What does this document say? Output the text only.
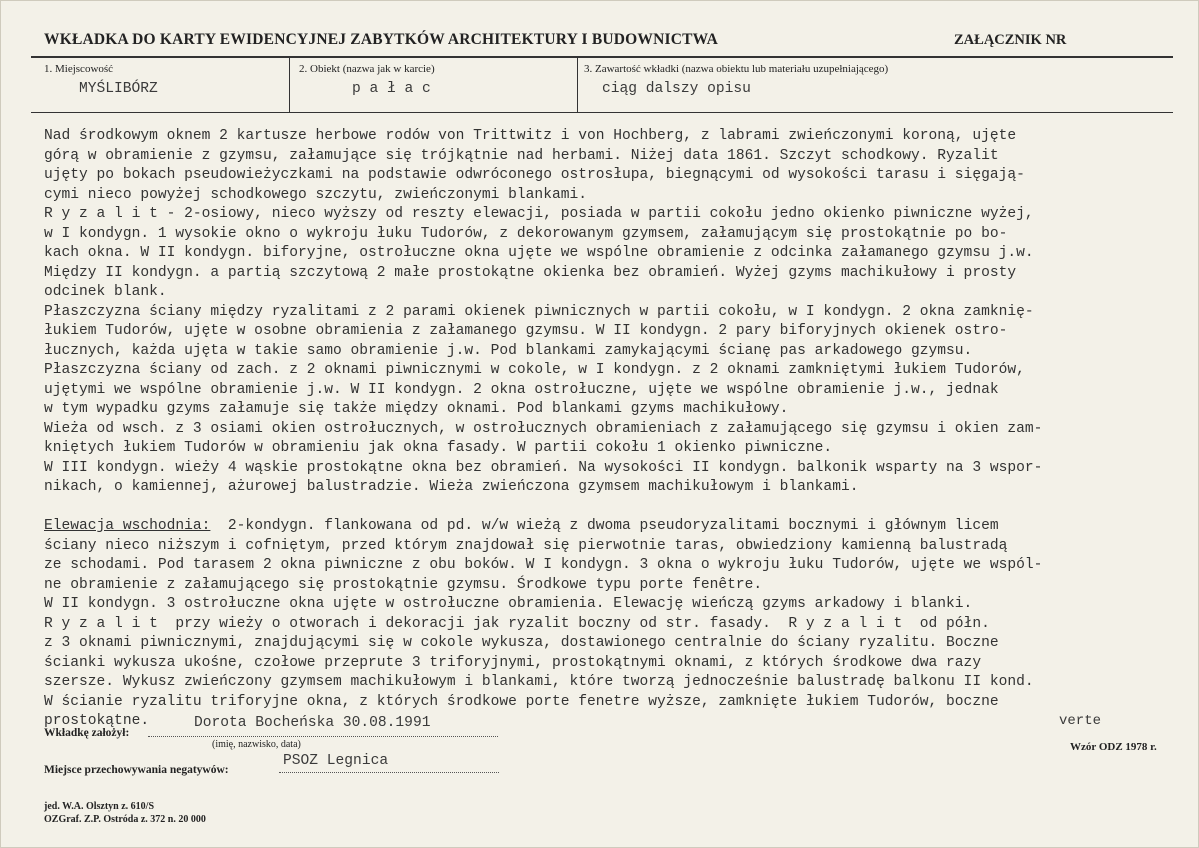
WKŁADKA DO KARTY EWIDENCYJNEJ ZABYTKÓW ARCHITEKTURY I BUDOWNICTWA	ZAŁĄCZNIK NR
1. Miejscowość
MYŚLIBÓRZ
2. Obiekt (nazwa jak w karcie)
p a ł a c
3. Zawartość wkładki (nazwa obiektu lub materiału uzupełniającego)
ciąg dalszy opisu
Nad środkowym oknem 2 kartusze herbowe rodów von Trittwitz i von Hochberg, z labrami zwieńczonymi koroną, ujęte
górą w obramienie z gzymsu, załamujące się trójkątnie nad herbami. Niżej data 1861. Szczyt schodkowy. Ryzalit
ujęty po bokach pseudowieżyczkami na podstawie odwróconego ostrosłupa, biegnącymi od wysokości tarasu i sięgają-
cymi nieco powyżej schodkowego szczytu, zwieńczonymi blankami.
R y z a l i t - 2-osiowy, nieco wyższy od reszty elewacji, posiada w partii cokołu jedno okienko piwniczne wyżej,
w I kondygn. 1 wysokie okno o wykroju łuku Tudorów, z dekorowanym gzymsem, załamującym się prostokątnie po bo-
kach okna. W II kondygn. biforyjne, ostrołuczne okna ujęte we wspólne obramienie z odcinka załamanego gzymsu j.w.
Między II kondygn. a partią szczytową 2 małe prostokątne okienka bez obramień. Wyżej gzyms machikułowy i prosty
odcinek blank.
Płaszczyzna ściany między ryzalitami z 2 parami okienek piwnicznych w partii cokołu, w I kondygn. 2 okna zamknię-
łukiem Tudorów, ujęte w osobne obramienia z załamanego gzymsu. W II kondygn. 2 pary biforyjnych okienek ostro-
łucznych, każda ujęta w takie samo obramienie j.w. Pod blankami zamykającymi ścianę pas arkadowego gzymsu.
Płaszczyzna ściany od zach. z 2 oknami piwnicznymi w cokole, w I kondygn. z 2 oknami zamkniętymi łukiem Tudorów,
ujętymi we wspólne obramienie j.w. W II kondygn. 2 okna ostrołuczne, ujęte we wspólne obramienie j.w., jednak
w tym wypadku gzyms załamuje się także między oknami. Pod blankami gzyms machikułowy.
Wieża od wsch. z 3 osiami okien ostrołucznych, w ostrołucznych obramieniach z załamującego się gzymsu i okien zam-
kniętych łukiem Tudorów w obramieniu jak okna fasady. W partii cokołu 1 okienko piwniczne.
W III kondygn. wieży 4 wąskie prostokątne okna bez obramień. Na wysokości II kondygn. balkonik wsparty na 3 wspor-
nikach, o kamiennej, ażurowej balustradzie. Wieża zwieńczona gzymsem machikułowym i blankami.
Elewacja wschodnia:  2-kondygn. flankowana od pd. w/w wieżą z dwoma pseudoryzalitami bocznymi i głównym licem
ściany nieco niższym i cofniętym, przed którym znajdował się pierwotnie taras, obwiedziony kamienną balustradą
ze schodami. Pod tarasem 2 okna piwniczne z obu boków. W I kondygn. 3 okna o wykroju łuku Tudorów, ujęte we wspól-
ne obramienie z załamującego się prostokątnie gzymsu. Środkowe typu porte fenêtre.
W II kondygn. 3 ostrołuczne okna ujęte w ostrołuczne obramienia. Elewację wieńczą gzyms arkadowy i blanki.
R y z a l i t  przy wieży o otworach i dekoracji jak ryzalit boczny od str. fasady.  R y z a l i t  od półn.
z 3 oknami piwnicznymi, znajdującymi się w cokole wykusza, dostawionego centralnie do ściany ryzalitu. Boczne
ścianki wykusza ukośne, czołowe przeprute 3 triforyjnymi, prostokątnymi oknami, z których środkowe dwa razy
szersze. Wykusz zwieńczony gzymsem machikułowym i blankami, które tworzą jednocześnie balustradę balkonu II kond.
W ścianie ryzalitu triforyjne okna, z których środkowe porte fenetre wyższe, zamknięte łukiem Tudorów, boczne
prostokątne.
Wkładkę założył:
Dorota Bocheńska 30.08.1991
(imię, nazwisko, data)
verte
Wzór ODZ 1978 r.
Miejsce przechowywania negatywów:
PSOZ Legnica
jed. W.A. Olsztyn z. 610/S
OZGraf. Z.P. Ostróda z. 372 n. 20 000
